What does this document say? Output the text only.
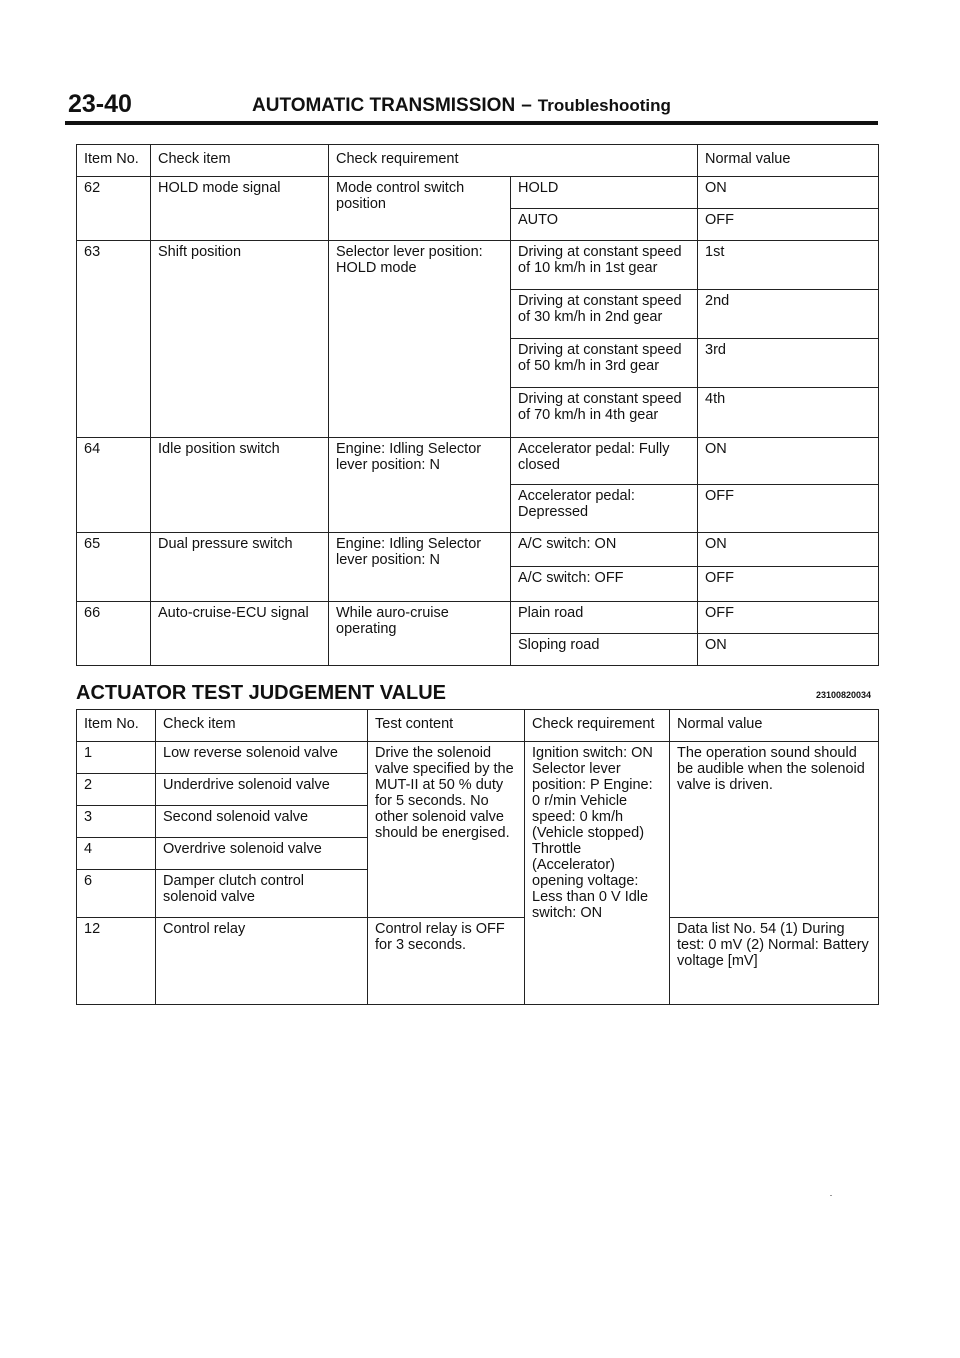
23-40	AUTOMATIC TRANSMISSION – Troubleshooting
Item No.	Check item	Check requirement		Normal value
62	HOLD mode signal	Mode control switch position	HOLD	ON
			AUTO	OFF
63	Shift position	Selector lever position: HOLD mode	Driving at constant speed of 10 km/h in 1st gear	1st
			Driving at constant speed of 30 km/h in 2nd gear	2nd
			Driving at constant speed of 50 km/h in 3rd gear	3rd
			Driving at constant speed of 70 km/h in 4th gear	4th
64	Idle position switch	Engine: Idling Selector lever position: N	Accelerator pedal: Fully closed	ON
			Accelerator pedal: Depressed	OFF
65	Dual pressure switch	Engine: Idling Selector lever position: N	A/C switch: ON	ON
			A/C switch: OFF	OFF
66	Auto-cruise-ECU signal	While auro-cruise operating	Plain road	OFF
			Sloping road	ON
ACTUATOR TEST JUDGEMENT VALUE	23100820034
Item No.	Check item	Test content	Check requirement	Normal value
1	Low reverse solenoid valve	Drive the solenoid valve specified by the MUT-II at 50 % duty for 5 seconds. No other solenoid valve should be energised.	Ignition switch: ON Selector lever position: P Engine: 0 r/min Vehicle speed: 0 km/h (Vehicle stopped) Throttle (Accelerator) opening voltage: Less than 0 V Idle switch: ON	The operation sound should be audible when the solenoid valve is driven.
2	Underdrive solenoid valve			
3	Second solenoid valve			
4	Overdrive solenoid valve			
6	Damper clutch control solenoid valve			
12	Control relay	Control relay is OFF for 3 seconds.		Data list No. 54 (1) During test: 0 mV (2) Normal: Battery voltage [mV]
